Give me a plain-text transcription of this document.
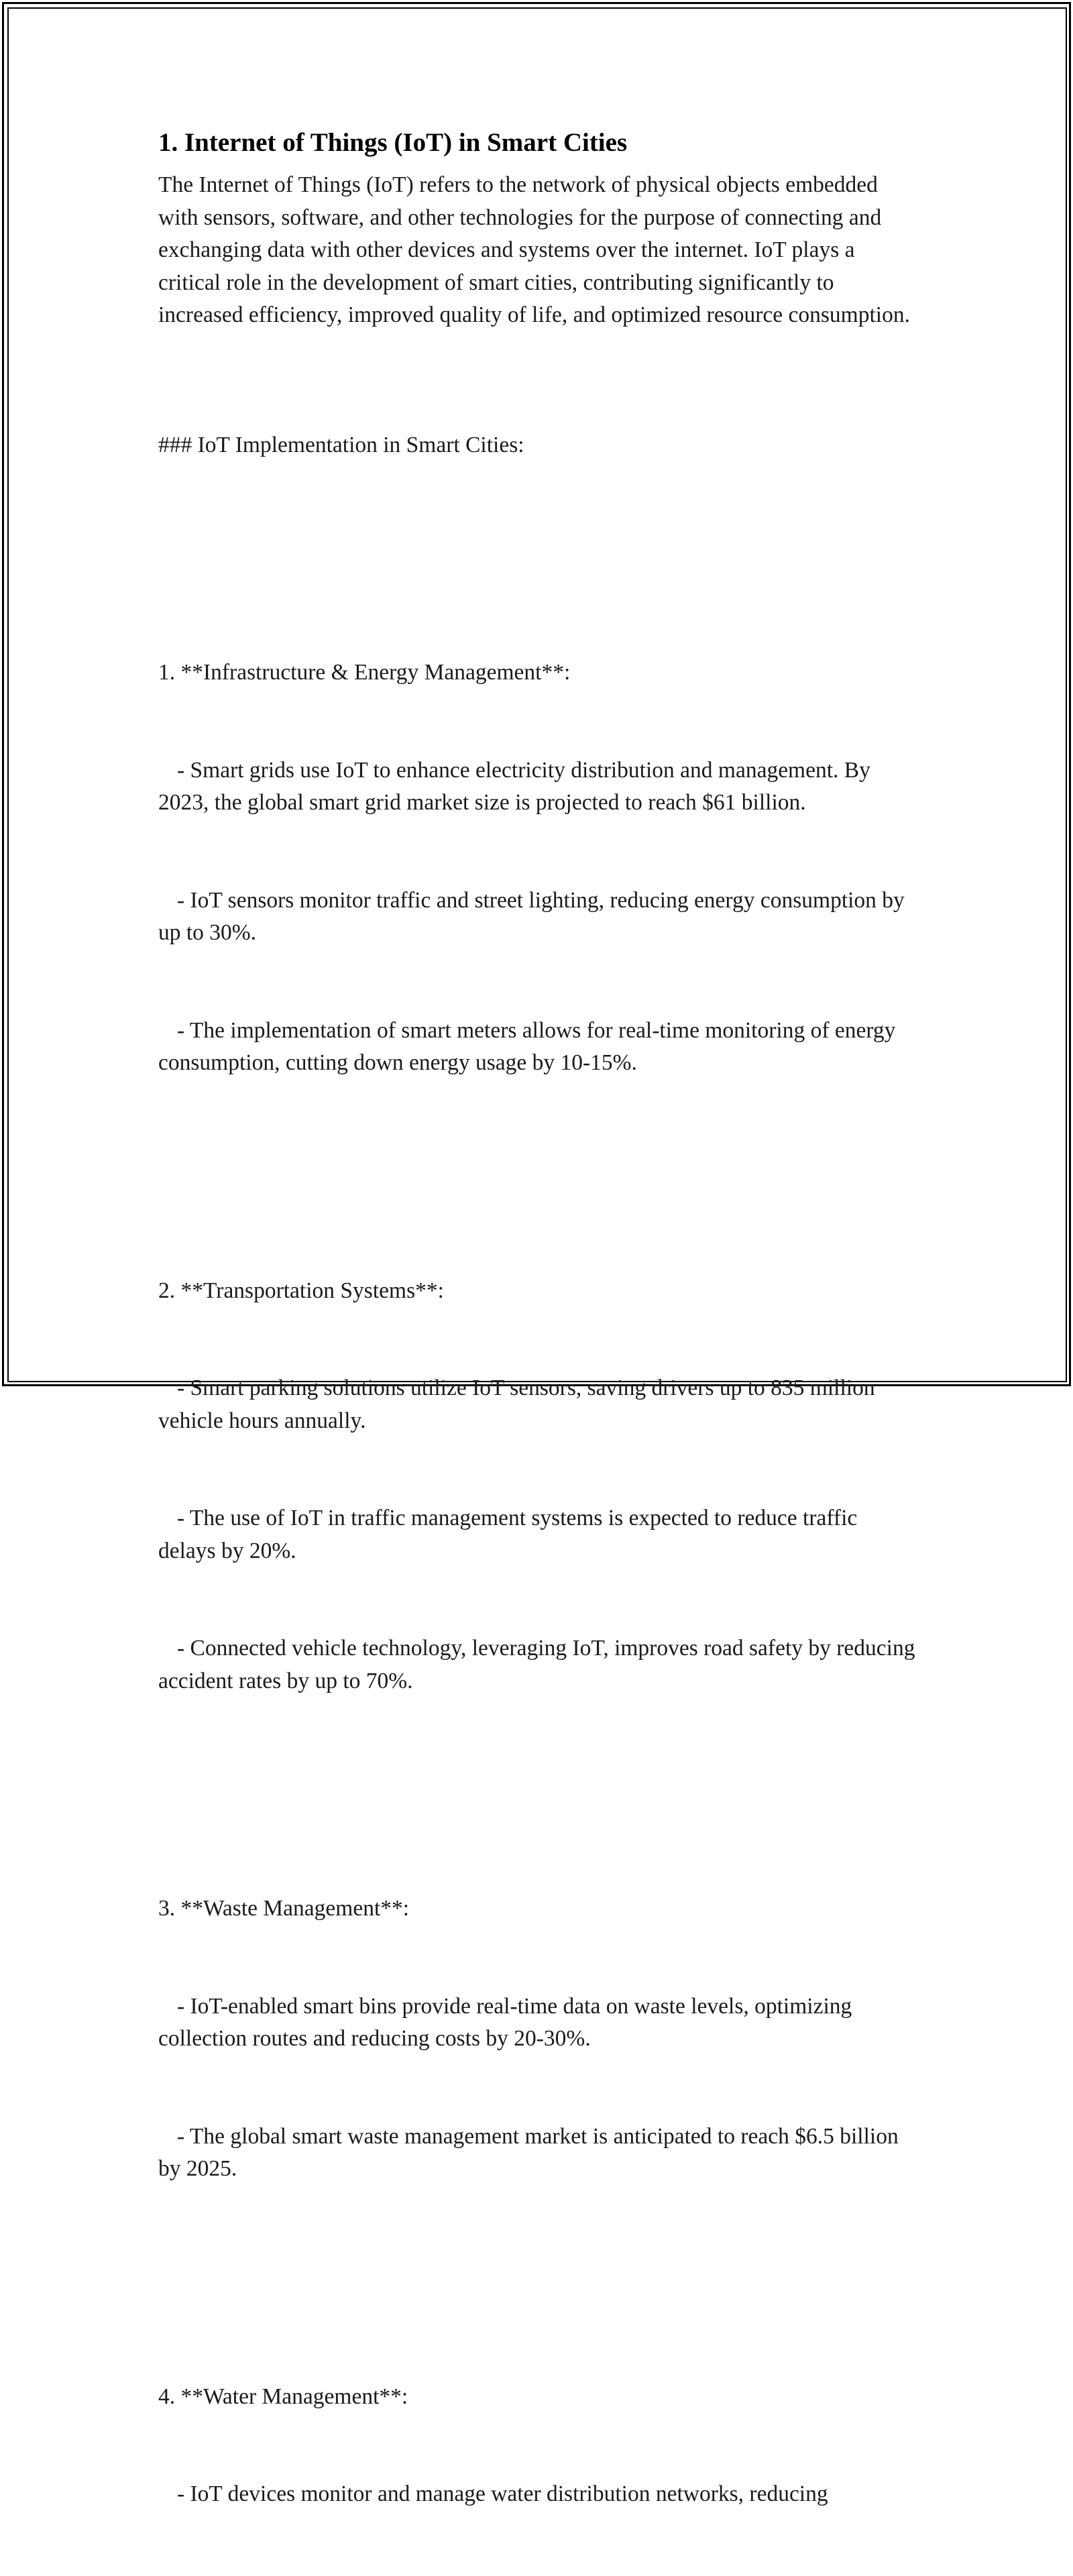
1. Internet of Things (IoT) in Smart Cities

The Internet of Things (IoT) refers to the network of physical objects embedded with sensors, software, and other technologies for the purpose of connecting and exchanging data with other devices and systems over the internet. IoT plays a critical role in the development of smart cities, contributing significantly to increased efficiency, improved quality of life, and optimized resource consumption.

### IoT Implementation in Smart Cities:

1. **Infrastructure & Energy Management**:

- Smart grids use IoT to enhance electricity distribution and management. By 2023, the global smart grid market size is projected to reach $61 billion.

- IoT sensors monitor traffic and street lighting, reducing energy consumption by up to 30%.

- The implementation of smart meters allows for real-time monitoring of energy consumption, cutting down energy usage by 10-15%.

2. **Transportation Systems**:

- Smart parking solutions utilize IoT sensors, saving drivers up to 835 million vehicle hours annually.

- The use of IoT in traffic management systems is expected to reduce traffic delays by 20%.

- Connected vehicle technology, leveraging IoT, improves road safety by reducing accident rates by up to 70%.

3. **Waste Management**:

- IoT-enabled smart bins provide real-time data on waste levels, optimizing collection routes and reducing costs by 20-30%.

- The global smart waste management market is anticipated to reach $6.5 billion by 2025.

4. **Water Management**:

- IoT devices monitor and manage water distribution networks, reducing
